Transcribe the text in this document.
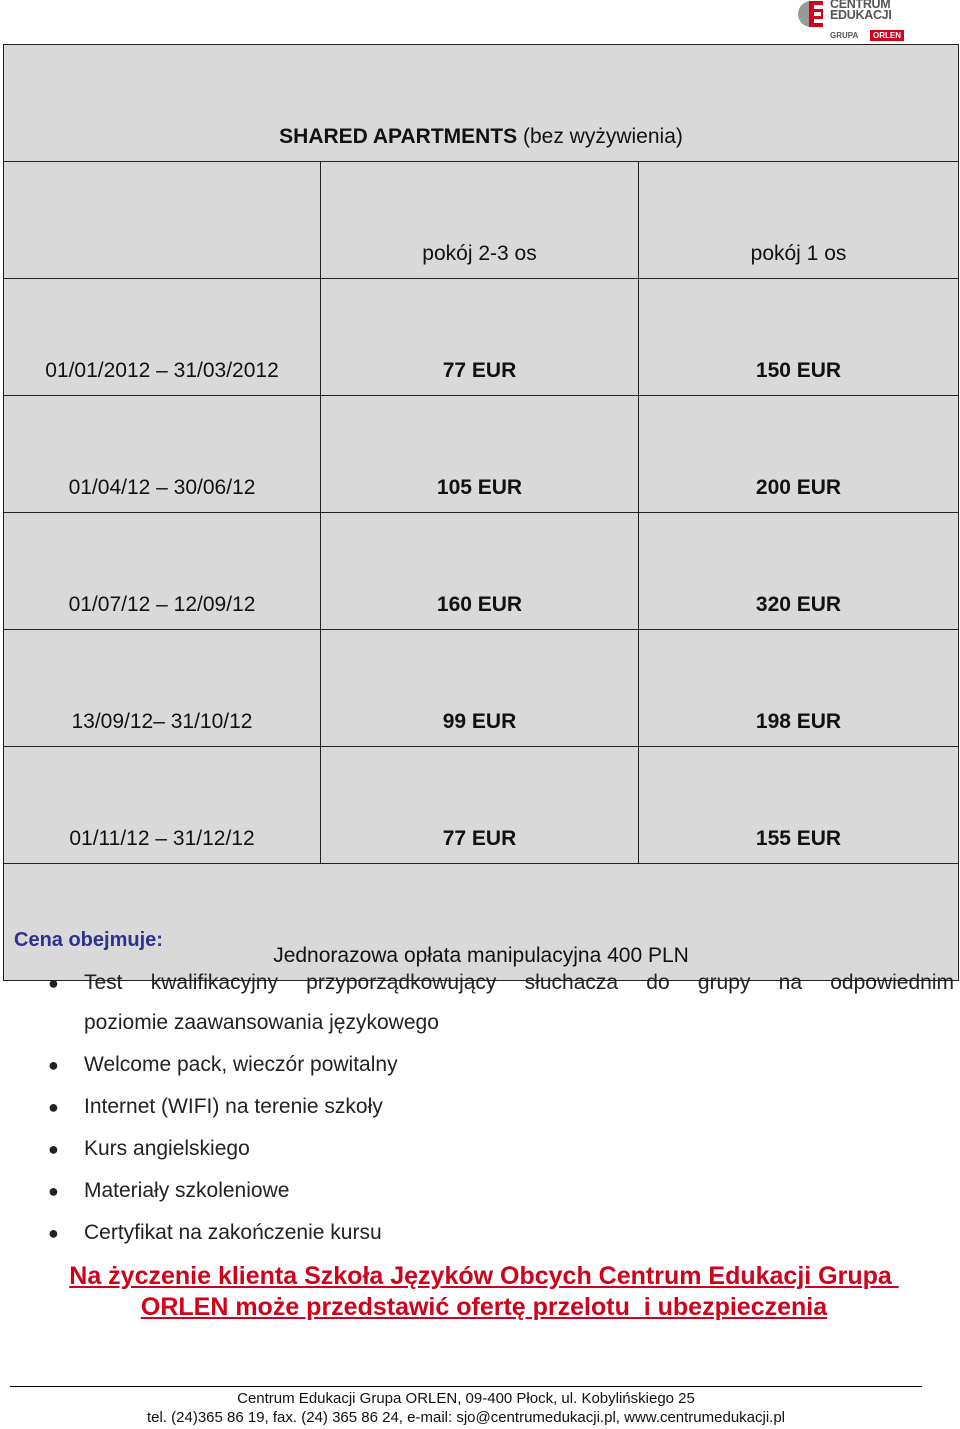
CENTRUM
EDUKACJI
GRUPA	ORLEN
SHARED APARTMENTS (bez wyżywienia)		
	pokój 2-3 os	pokój 1 os
01/01/2012 – 31/03/2012	77 EUR	150 EUR
01/04/12 – 30/06/12	105 EUR	200 EUR
01/07/12 – 12/09/12	160 EUR	320 EUR
13/09/12– 31/10/12	99 EUR	198 EUR
01/11/12 – 31/12/12	77 EUR	155 EUR
Jednorazowa opłata manipulacyjna 400 PLN		
Cena obejmuje:
● Test kwalifikacyjny przyporządkowujący słuchacza do grupy na odpowiednim
poziomie zaawansowania językowego
● Welcome pack, wieczór powitalny
● Internet (WIFI) na terenie szkoły
● Kurs angielskiego
● Materiały szkoleniowe
● Certyfikat na zakończenie kursu
Na życzenie klienta Szkoła Języków Obcych Centrum Edukacji Grupa
ORLEN może przedstawić ofertę przelotu  i ubezpieczenia
Centrum Edukacji Grupa ORLEN, 09-400 Płock, ul. Kobylińskiego 25
tel. (24)365 86 19, fax. (24) 365 86 24, e-mail: sjo@centrumedukacji.pl, www.centrumedukacji.pl
